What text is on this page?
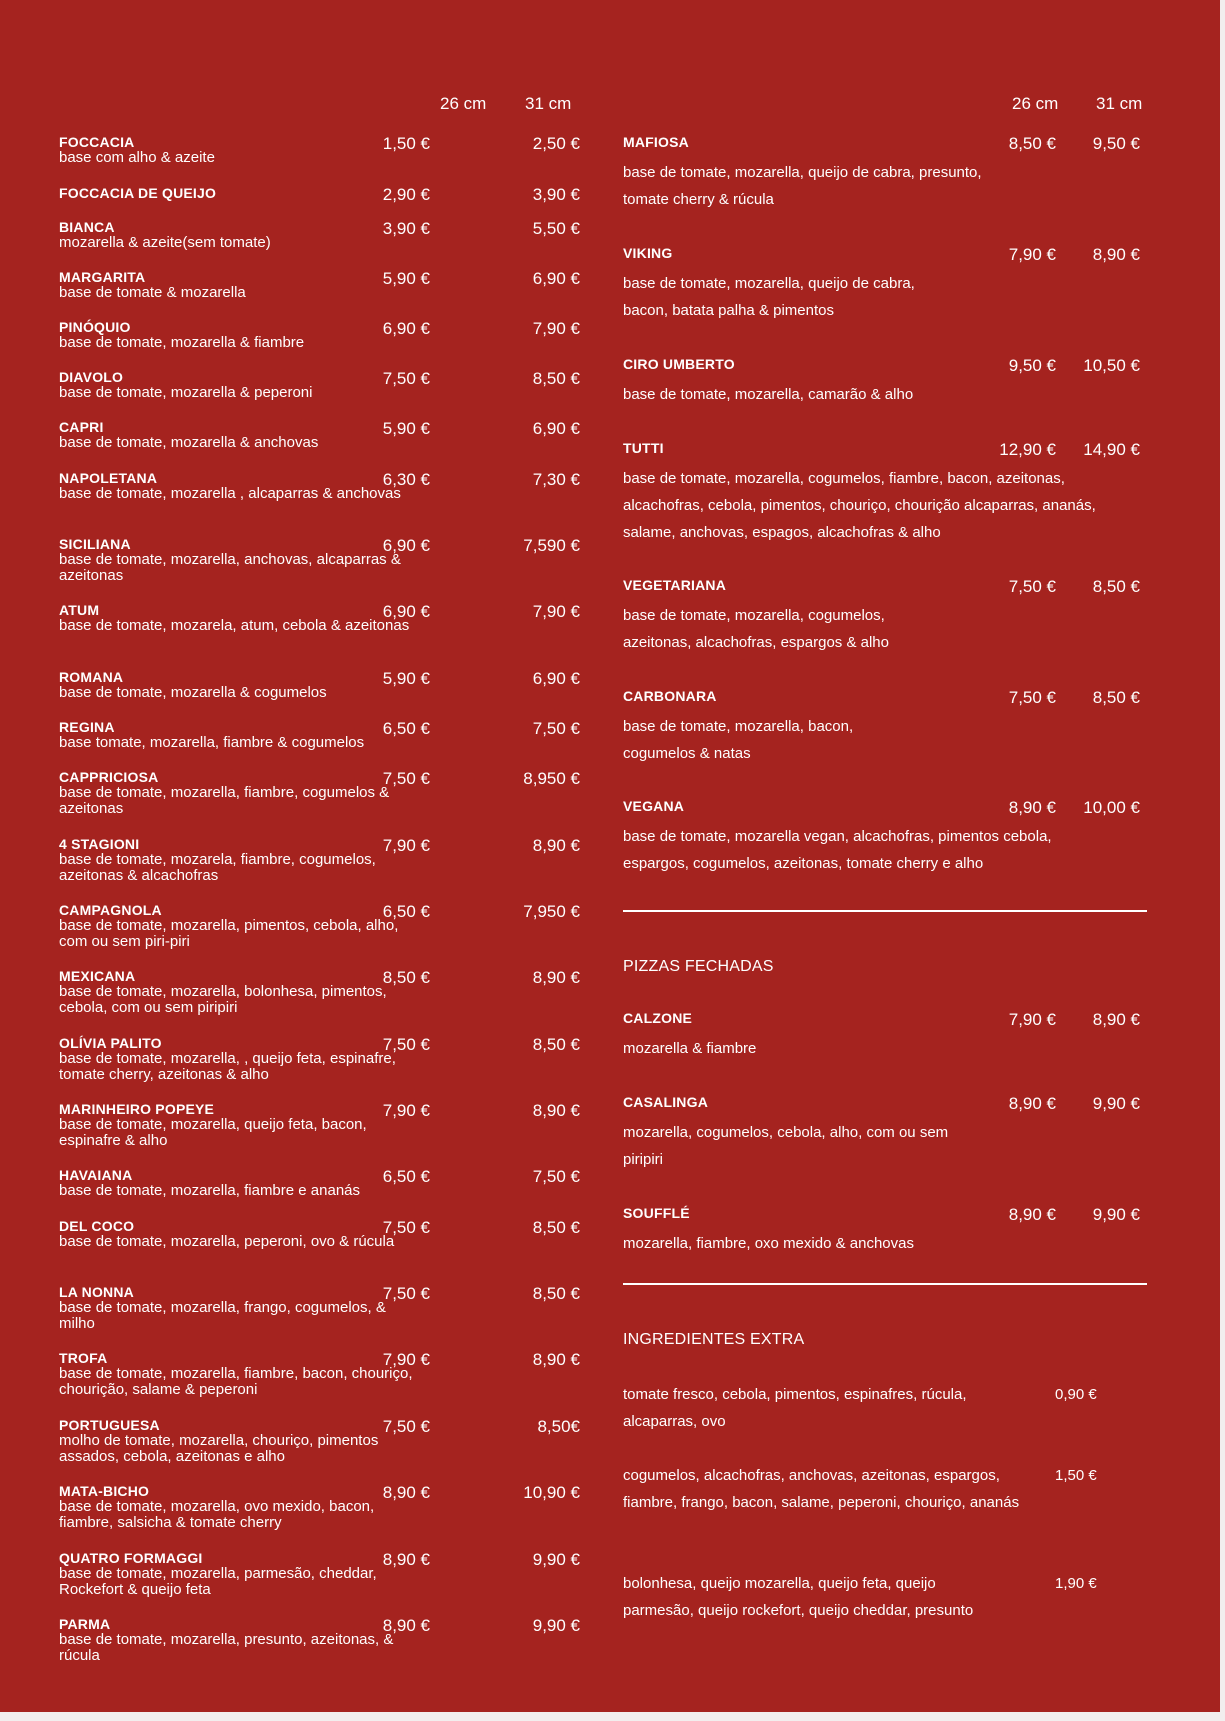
26 cm 31 cm
FOCCACIA
base com alho & azeite
1,50 €	2,50 €
FOCCACIA DE QUEIJO	2,90 €	3,90 €
BIANCA
mozarella & azeite(sem tomate)
3,90 €	5,50 €
MARGARITA
base de tomate & mozarella
5,90 €	6,90 €
PINÓQUIO
base de tomate, mozarella & fiambre
6,90 €	7,90 €
DIAVOLO
base de tomate, mozarella & peperoni
7,50 €	8,50 €
CAPRI
base de tomate, mozarella & anchovas
5,90 €	6,90 €
NAPOLETANA
base de tomate, mozarella , alcaparras & anchovas
6,30 €	7,30 €
SICILIANA
base de tomate, mozarella, anchovas, alcaparras & azeitonas
6,90 €	7,590 €
ATUM
base de tomate, mozarela, atum, cebola & azeitonas
6,90 €	7,90 €
ROMANA
base de tomate, mozarella & cogumelos
5,90 €	6,90 €
REGINA
base tomate, mozarella, fiambre & cogumelos
6,50 €	7,50 €
CAPPRICIOSA
base de tomate, mozarella, fiambre, cogumelos & azeitonas
7,50 €	8,950 €
4 STAGIONI
base de tomate, mozarela, fiambre, cogumelos, azeitonas & alcachofras
7,90 €	8,90 €
CAMPAGNOLA
base de tomate, mozarella, pimentos, cebola, alho, com ou sem piri-piri
6,50 €	7,950 €
MEXICANA
base de tomate, mozarella, bolonhesa, pimentos, cebola, com ou sem piripiri
8,50 €	8,90 €
OLÍVIA PALITO
base de tomate, mozarella, , queijo feta, espinafre, tomate cherry, azeitonas & alho
7,50 €	8,50 €
MARINHEIRO POPEYE
base de tomate, mozarella, queijo feta, bacon, espinafre & alho
7,90 €	8,90 €
HAVAIANA
base de tomate, mozarella, fiambre e ananás
6,50 €	7,50 €
DEL COCO
base de tomate, mozarella, peperoni, ovo & rúcula
7,50 €	8,50 €
LA NONNA
base de tomate, mozarella, frango, cogumelos, & milho
7,50 €	8,50 €
TROFA
base de tomate, mozarella, fiambre, bacon, chouriço, chourição, salame & peperoni
7,90 €	8,90 €
PORTUGUESA
molho de tomate, mozarella, chouriço, pimentos assados, cebola, azeitonas e alho
7,50 €	8,50€
MATA-BICHO
base de tomate, mozarella, ovo mexido, bacon, fiambre, salsicha & tomate cherry
8,90 €	10,90 €
QUATRO FORMAGGI
base de tomate, mozarella, parmesão, cheddar, Rockefort & queijo feta
8,90 €	9,90 €
PARMA
base de tomate, mozarella, presunto, azeitonas, & rúcula
8,90 €	9,90 €
26 cm 31 cm
MAFIOSA
base de tomate, mozarella, queijo de cabra, presunto, tomate cherry & rúcula
8,50 € 9,50 €
VIKING
base de tomate, mozarella, queijo de cabra, bacon, batata palha & pimentos
7,90 € 8,90 €
CIRO UMBERTO
base de tomate, mozarella, camarão & alho
9,50 € 10,50 €
TUTTI
base de tomate, mozarella, cogumelos, fiambre, bacon, azeitonas, alcachofras, cebola, pimentos, chouriço, chourição alcaparras, ananás, salame, anchovas, espagos, alcachofras & alho
12,90 € 14,90 €
VEGETARIANA
base de tomate, mozarella, cogumelos, azeitonas, alcachofras, espargos & alho
7,50 € 8,50 €
CARBONARA
base de tomate, mozarella, bacon, cogumelos & natas
7,50 € 8,50 €
VEGANA
base de tomate, mozarella vegan, alcachofras, pimentos cebola, espargos, cogumelos, azeitonas, tomate cherry e alho
8,90 € 10,00 €
PIZZAS FECHADAS
CALZONE
mozarella & fiambre
7,90 € 8,90 €
CASALINGA
mozarella, cogumelos, cebola, alho, com ou sem piripiri
8,90 € 9,90 €
SOUFFLÉ
mozarella, fiambre, oxo mexido & anchovas
8,90 € 9,90 €
INGREDIENTES EXTRA
tomate fresco, cebola, pimentos, espinafres, rúcula, alcaparras, ovo
0,90 €
cogumelos, alcachofras, anchovas, azeitonas, espargos, fiambre, frango, bacon, salame, peperoni, chouriço, ananás
1,50 €
bolonhesa, queijo mozarella, queijo feta, queijo parmesão, queijo rockefort, queijo cheddar, presunto
1,90 €
